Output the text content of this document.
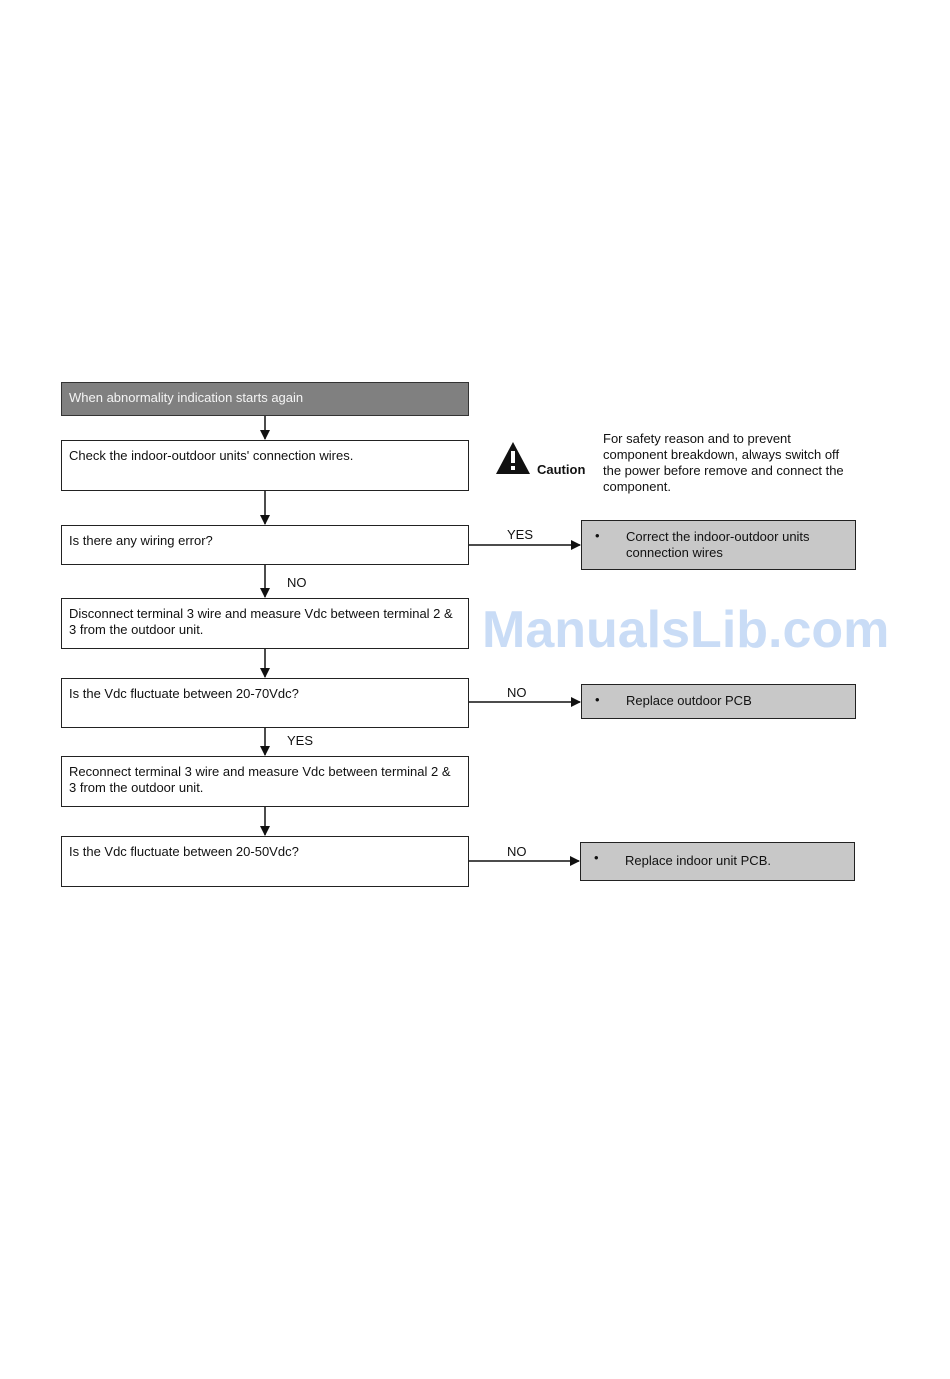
When abnormality indication starts again
Check the indoor-outdoor units' connection wires.
Is there any wiring error?
Disconnect terminal 3 wire and measure Vdc between terminal 2 & 3 from the outdoor unit.
Is the Vdc fluctuate between 20-70Vdc?
Reconnect terminal 3 wire and measure Vdc between terminal 2 & 3 from the outdoor unit.
Is the Vdc fluctuate between 20-50Vdc?
• Correct the indoor-outdoor units connection wires
• Replace outdoor PCB
• Replace indoor unit PCB.
YES
NO
NO
YES
NO
Caution
For safety reason and to prevent component breakdown, always switch off the power before remove and connect the component.
ManualsLib.com
